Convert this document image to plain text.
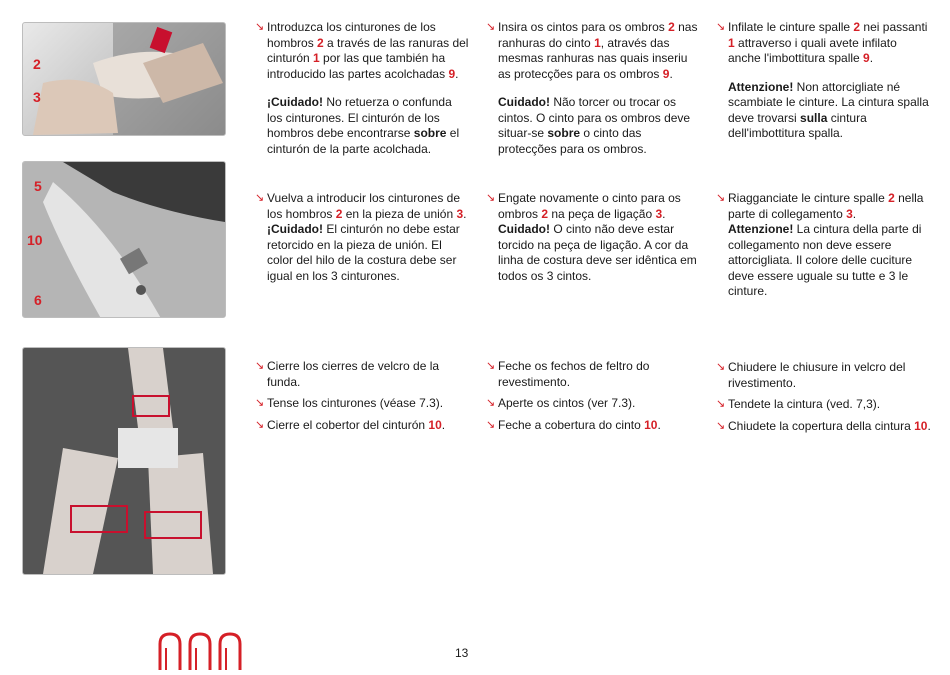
2
3
5
10
6

↘ Introduzca los cinturones de los hombros 2 a través de las ranuras del cinturón 1 por las que también ha introducido las partes acolchadas 9.

¡Cuidado! No retuerza o confunda los cinturones. El cinturón de los hombros debe encontrarse sobre el cinturón de la parte acolchada.

↘ Insira os cintos para os ombros 2 nas ranhuras do cinto 1, através das mesmas ranhuras nas quais inseriu as protecções para os ombros 9.

Cuidado! Não torcer ou trocar os cintos. O cinto para os ombros deve situar-se sobre o cinto das protecções para os ombros.

↘ Infilate le cinture spalle 2 nei passanti 1 attraverso i quali avete infilato anche l'imbottitura spalle 9.

Attenzione! Non attorcigliate né scambiate le cinture. La cintura spalla deve trovarsi sulla cintura dell'imbottitura spalla.

↘ Vuelva a introducir los cinturones de los hombros 2 en la pieza de unión 3.
¡Cuidado! El cinturón no debe estar retorcido en la pieza de unión. El color del hilo de la costura debe ser igual en los 3 cinturones.

↘ Engate novamente o cinto para os ombros 2 na peça de ligação 3.
Cuidado! O cinto não deve estar torcido na peça de ligação. A cor da linha de costura deve ser idêntica em todos os 3 cintos.

↘ Riagganciate le cinture spalle 2 nella parte di collegamento 3.
Attenzione! La cintura della parte di collegamento non deve essere attorcigliata. Il colore delle cuciture deve essere uguale su tutte e 3 le cinture.

↘ Cierre los cierres de velcro de la funda.

↘ Tense los cinturones (véase 7.3).

↘ Cierre el cobertor del cinturón 10.

↘ Feche os fechos de feltro do revestimento.

↘ Aperte os cintos (ver 7.3).

↘ Feche a cobertura do cinto 10.

↘ Chiudere le chiusure in velcro del rivestimento.

↘ Tendete la cintura (ved. 7,3).

↘ Chiudete la copertura della cintura 10.

13
